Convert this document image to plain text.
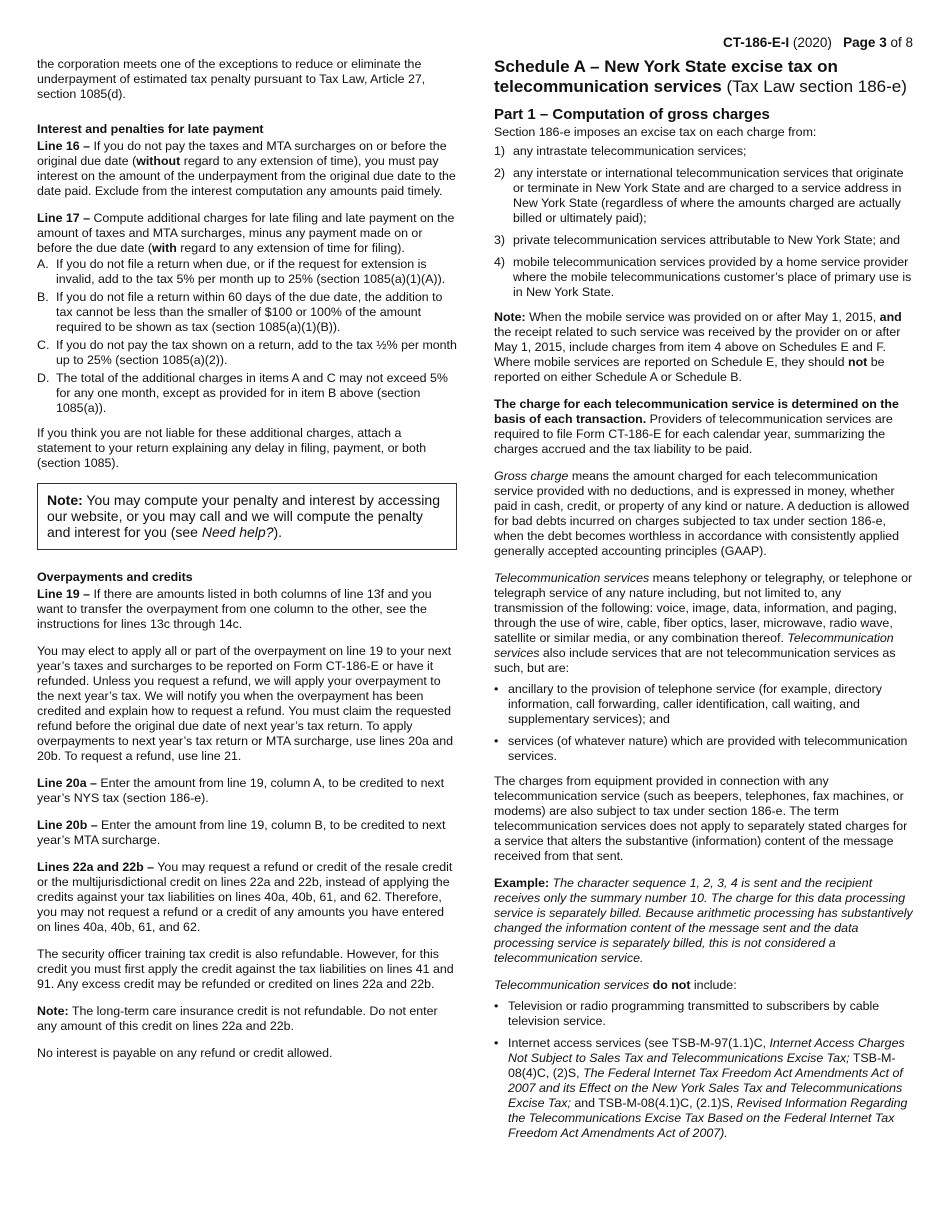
CT-186-E-I (2020) Page 3 of 8

the corporation meets one of the exceptions to reduce or eliminate the underpayment of estimated tax penalty pursuant to Tax Law, Article 27, section 1085(d).

Interest and penalties for late payment

Line 16 – If you do not pay the taxes and MTA surcharges on or before the original due date (without regard to any extension of time), you must pay interest on the amount of the underpayment from the original due date to the date paid. Exclude from the interest computation any amounts paid timely.

Line 17 – Compute additional charges for late filing and late payment on the amount of taxes and MTA surcharges, minus any payment made on or before the due date (with regard to any extension of time for filing).

A. If you do not file a return when due, or if the request for extension is invalid, add to the tax 5% per month up to 25% (section 1085(a)(1)(A)).
B. If you do not file a return within 60 days of the due date, the addition to tax cannot be less than the smaller of $100 or 100% of the amount required to be shown as tax (section 1085(a)(1)(B)).
C. If you do not pay the tax shown on a return, add to the tax ½% per month up to 25% (section 1085(a)(2)).
D. The total of the additional charges in items A and C may not exceed 5% for any one month, except as provided for in item B above (section 1085(a)).

If you think you are not liable for these additional charges, attach a statement to your return explaining any delay in filing, payment, or both (section 1085).

Note: You may compute your penalty and interest by accessing our website, or you may call and we will compute the penalty and interest for you (see Need help?).
Overpayments and credits

Line 19 – If there are amounts listed in both columns of line 13f and you want to transfer the overpayment from one column to the other, see the instructions for lines 13c through 14c.

You may elect to apply all or part of the overpayment on line 19 to your next year’s taxes and surcharges to be reported on Form CT-186-E or have it refunded. Unless you request a refund, we will apply your overpayment to the next year’s tax. We will notify you when the overpayment has been credited and explain how to request a refund. You must claim the requested refund before the original due date of next year’s tax return. To apply overpayments to next year’s tax return or MTA surcharge, use lines 20a and 20b. To request a refund, use line 21.

Line 20a – Enter the amount from line 19, column A, to be credited to next year’s NYS tax (section 186-e).

Line 20b – Enter the amount from line 19, column B, to be credited to next year’s MTA surcharge.

Lines 22a and 22b – You may request a refund or credit of the resale credit or the multijurisdictional credit on lines 22a and 22b, instead of applying the credits against your tax liabilities on lines 40a, 40b, 61, and 62. Therefore, you may not request a refund or a credit of any amounts you have entered on lines 40a, 40b, 61, and 62.

The security officer training tax credit is also refundable. However, for this credit you must first apply the credit against the tax liabilities on lines 41 and 91. Any excess credit may be refunded or credited on lines 22a and 22b.

Note: The long-term care insurance credit is not refundable. Do not enter any amount of this credit on lines 22a and 22b.

No interest is payable on any refund or credit allowed.

Schedule A – New York State excise tax on telecommunication services (Tax Law section 186-e)
Part 1 – Computation of gross charges

Section 186-e imposes an excise tax on each charge from:

1) any intrastate telecommunication services;
2) any interstate or international telecommunication services that originate or terminate in New York State and are charged to a service address in New York State (regardless of where the amounts charged are actually billed or ultimately paid);
3) private telecommunication services attributable to New York State; and
4) mobile telecommunication services provided by a home service provider where the mobile telecommunications customer’s place of primary use is in New York State.

Note: When the mobile service was provided on or after May 1, 2015, and the receipt related to such service was received by the provider on or after May 1, 2015, include charges from item 4 above on Schedules E and F. Where mobile services are reported on Schedule E, they should not be reported on either Schedule A or Schedule B.

The charge for each telecommunication service is determined on the basis of each transaction. Providers of telecommunication services are required to file Form CT-186-E for each calendar year, summarizing the charges accrued and the tax liability to be paid.

Gross charge means the amount charged for each telecommunication service provided with no deductions, and is expressed in money, whether paid in cash, credit, or property of any kind or nature. A deduction is allowed for bad debts incurred on charges subjected to tax under section 186-e, when the debt becomes worthless in accordance with consistently applied generally accepted accounting principles (GAAP).

Telecommunication services means telephony or telegraphy, or telephone or telegraph service of any nature including, but not limited to, any transmission of the following: voice, image, data, information, and paging, through the use of wire, cable, fiber optics, laser, microwave, radio wave, satellite or similar media, or any combination thereof. Telecommunication services also include services that are not telecommunication services as such, but are:

• ancillary to the provision of telephone service (for example, directory information, call forwarding, caller identification, call waiting, and supplementary services); and
• services (of whatever nature) which are provided with telecommunication services.

The charges from equipment provided in connection with any telecommunication service (such as beepers, telephones, fax machines, or modems) are also subject to tax under section 186-e. The term telecommunication services does not apply to separately stated charges for a service that alters the substantive (information) content of the message received from that sent.

Example: The character sequence 1, 2, 3, 4 is sent and the recipient receives only the summary number 10. The charge for this data processing service is separately billed. Because arithmetic processing has substantively changed the information content of the message sent and the data processing service is separately billed, this is not considered a telecommunication service.

Telecommunication services do not include:

• Television or radio programming transmitted to subscribers by cable television service.
• Internet access services (see TSB-M-97(1.1)C, Internet Access Charges Not Subject to Sales Tax and Telecommunications Excise Tax; TSB-M-08(4)C, (2)S, The Federal Internet Tax Freedom Act Amendments Act of 2007 and its Effect on the New York Sales Tax and Telecommunications Excise Tax; and TSB-M-08(4.1)C, (2.1)S, Revised Information Regarding the Telecommunications Excise Tax Based on the Federal Internet Tax Freedom Act Amendments Act of 2007).
